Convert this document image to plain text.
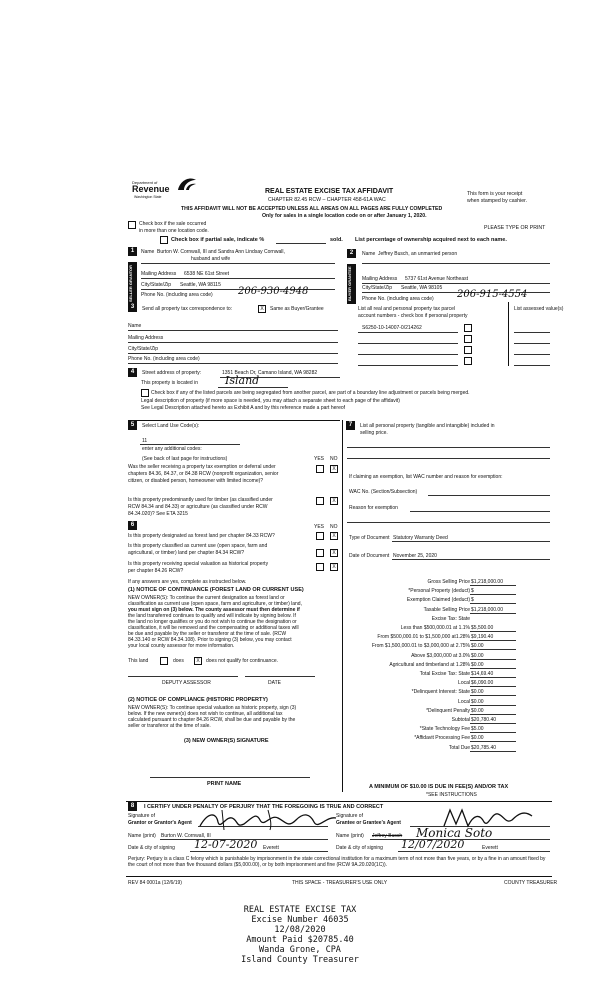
Department of
Revenue
Washington State
REAL ESTATE EXCISE TAX AFFIDAVIT
CHAPTER 82.45 RCW – CHAPTER 458-61A WAC
THIS AFFIDAVIT WILL NOT BE ACCEPTED UNLESS ALL AREAS ON ALL PAGES ARE FULLY COMPLETED
Only for sales in a single location code on or after January 1, 2020.
This form is your receipt
when stamped by cashier.
PLEASE TYPE OR PRINT
Check box if the sale occurred
in more than one location code.
Check box if partial sale, indicate %	sold. List percentage of ownership acquired next to each name.
1
SELLER GRANTOR
Name Burton W. Cornwall, III and Sandra Ann Lindsay Cornwall,
husband and wife
Mailing Address 6538 NE 61st Street
City/State/Zip Seattle, WA 98115
Phone No. (including area code)	206-930-4948
2
BUYER GRANTEE
Name Jeffrey Busch, an unmarried person
Mailing Address 5737 61st Avenue Northeast
City/State/Zip Seattle, WA 98105
Phone No. (including area code) 206-915-4554
3	Send all property tax correspondence to:	X	Same as Buyer/Grantee
Name
Mailing Address
City/State/Zip
Phone No. (including area code)
List all real and personal property tax parcel
account numbers - check box if personal property
List assessed value(s)
S6250-10-14007-0/214262
4	Street address of property:	1351 Beach Dr, Camano Island, WA 98282
This property is located in Island
Check box if any of the listed parcels are being segregated from another parcel, are part of a boundary line adjustment or parcels being merged.
Legal description of property (if more space is needed, you may attach a separate sheet to each page of the affidavit)
See Legal Description attached hereto as Exhibit A and by this reference made a part hereof
5	Select Land Use Code(s):
11
enter any additional codes:
(See back of last page for instructions)	YES NO
Was the seller receiving a property tax exemption or deferral under
chapters 84.36, 84.37, or 84.38 RCW (nonprofit organization, senior
citizen, or disabled person, homeowner with limited income)?
X
Is this property predominantly used for timber (as classified under
RCW 84.34 and 84.33) or agriculture (as classified under RCW
84.34.020)? See ETA 3215
X
6	YES NO
Is this property designated as forest land per chapter 84.33 RCW?	X
Is this property classified as current use (open space, farm and
agricultural, or timber) land per chapter 84.34 RCW?	X
Is this property receiving special valuation as historical property
per chapter 84.26 RCW?
X
If any answers are yes, complete as instructed below.
(1) NOTICE OF CONTINUANCE (FOREST LAND OR CURRENT USE)
NEW OWNER(S): To continue the current designation as forest land or
classification as current use (open space, farm and agriculture, or timber) land,
you must sign on (3) below. The county assessor must then determine if
the land transferred continues to qualify and will indicate by signing below. If
the land no longer qualifies or you do not wish to continue the designation or
classification, it will be removed and the compensating or additional taxes will
be due and payable by the seller or transferor at the time of sale. (RCW
84.33.140 or RCW 84.34.108). Prior to signing (3) below, you may contact
your local county assessor for more information.
This land	does	X	does not qualify for continuance.
DEPUTY ASSESSOR	DATE
(2) NOTICE OF COMPLIANCE (HISTORIC PROPERTY)
NEW OWNER(S): To continue special valuation as historic property, sign (3)
below. If the new owner(s) does not wish to continue, all additional tax
calculated pursuant to chapter 84.26 RCW, shall be due and payable by the
seller or transferor at the time of sale.
(3) NEW OWNER(S) SIGNATURE
PRINT NAME
7	List all personal property (tangible and intangible) included in
selling price.
If claiming an exemption, list WAC number and reason for exemption:
WAC No. (Section/Subsection)
Reason for exemption
Type of Document Statutory Warranty Deed
Date of Document November 25, 2020
Gross Selling Price $1,218,000.00
*Personal Property (deduct) $
Exemption Claimed (deduct) $
Taxable Selling Price $1,218,000.00
Excise Tax: State
Less than $500,000.01 at 1.1% $5,500.00
From $500,000.01 to $1,500,000 at1.28% $9,190.40
From $1,500,000.01 to $3,000,000 at 2.75% $0.00
Above $3,000,000 at 3.0% $0.00
Agricultural and timberland at 1.28% $0.00
Total Excise Tax: State $14,69.40
Local $6,090.00
*Delinquent Interest: State $0.00
Local $0.00
*Delinquent Penalty $0.00
Subtotal $20,780.40
*State Technology Fee $5.00
*Affidavit Processing Fee $0.00
Total Due $20,785.40
A MINIMUM OF $10.00 IS DUE IN FEE(S) AND/OR TAX
*SEE INSTRUCTIONS
8	I CERTIFY UNDER PENALTY OF PERJURY THAT THE FOREGOING IS TRUE AND CORRECT
Signature of
Grantor or Grantor's Agent
Signature of
Grantee or Grantee's Agent
Name (print) Burton W. Cornwall, III	Name (print) Jeffrey Busch Monica Soto
Date & city of signing 12-07-2020 Everett	Date & city of signing 12/07/2020	Everett
Perjury: Perjury is a class C felony which is punishable by imprisonment in the state correctional institution for a maximum term of not more than five years, or by a fine in an amount fixed by the court of not more than five thousand dollars ($5,000.00), or by both imprisonment and fine (RCW 9A.20.020(1C)).
REV 84 0001a (12/6/19)	THIS SPACE - TREASURER'S USE ONLY	COUNTY TREASURER
REAL ESTATE EXCISE TAX
Excise Number 46035
12/08/2020
Amount Paid $20785.40
Wanda Grone, CPA
Island County Treasurer
